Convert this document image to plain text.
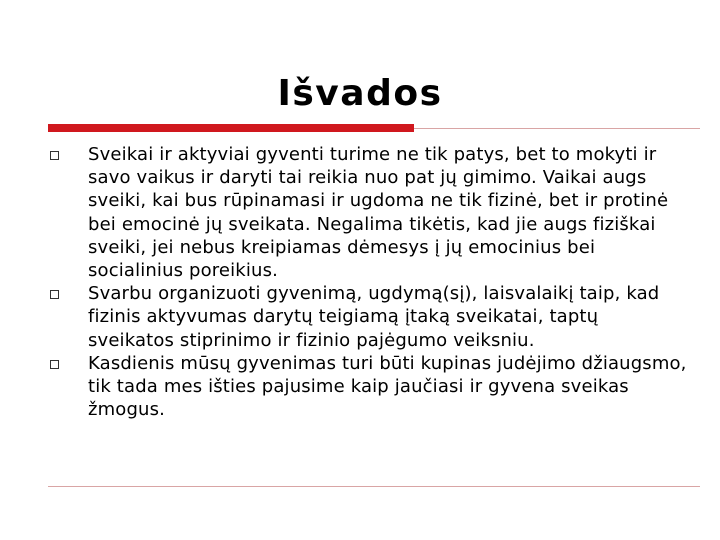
Išvados
Sveikai ir aktyviai gyventi turime ne tik patys, bet to mokyti ir savo vaikus ir daryti tai reikia nuo pat jų gimimo. Vaikai augs sveiki, kai bus rūpinamasi ir ugdoma ne tik fizinė, bet ir protinė bei emocinė jų sveikata. Negalima tikėtis, kad jie augs fiziškai sveiki, jei nebus kreipiamas dėmesys į jų emocinius bei socialinius poreikius.
Svarbu organizuoti gyvenimą, ugdymą(sį), laisvalaikį taip, kad fizinis aktyvumas darytų teigiamą įtaką sveikatai, taptų sveikatos stiprinimo ir fizinio pajėgumo veiksniu.
Kasdienis mūsų gyvenimas turi būti kupinas judėjimo džiaugsmo, tik tada mes išties pajusime kaip jaučiasi ir gyvena sveikas žmogus.
